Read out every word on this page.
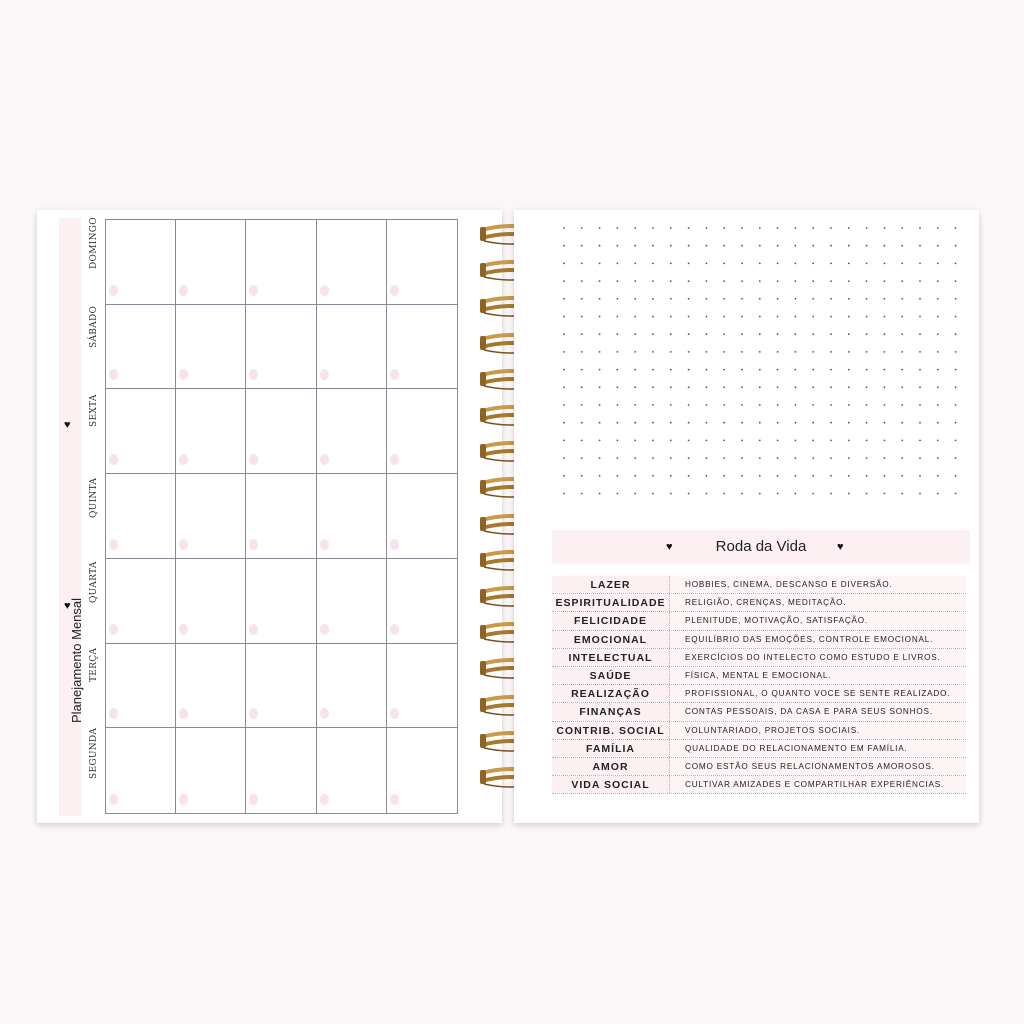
♥
Planejamento Mensal
♥
DOMINGO
SÁBADO
SEXTA
QUINTA
QUARTA
TERÇA
SEGUNDA
♥	Roda da Vida	♥
LAZER	HOBBIES, CINEMA, DESCANSO E DIVERSÃO.
ESPIRITUALIDADE	RELIGIÃO, CRENÇAS, MEDITAÇÃO.
FELICIDADE	PLENITUDE, MOTIVAÇÃO, SATISFAÇÃO.
EMOCIONAL	EQUILÍBRIO DAS EMOÇÕES, CONTROLE EMOCIONAL.
INTELECTUAL	EXERCÍCIOS DO INTELECTO COMO ESTUDO E LIVROS.
SAÚDE	FÍSICA, MENTAL E EMOCIONAL.
REALIZAÇÃO	PROFISSIONAL, O QUANTO VOCE SE SENTE REALIZADO.
FINANÇAS	CONTAS PESSOAIS, DA CASA E PARA SEUS SONHOS.
CONTRIB. SOCIAL	VOLUNTARIADO, PROJETOS SOCIAIS.
FAMÍLIA	QUALIDADE DO RELACIONAMENTO EM FAMÍLIA.
AMOR	COMO ESTÃO SEUS RELACIONAMENTOS AMOROSOS.
VIDA SOCIAL	CULTIVAR AMIZADES E COMPARTILHAR EXPERIÊNCIAS.
